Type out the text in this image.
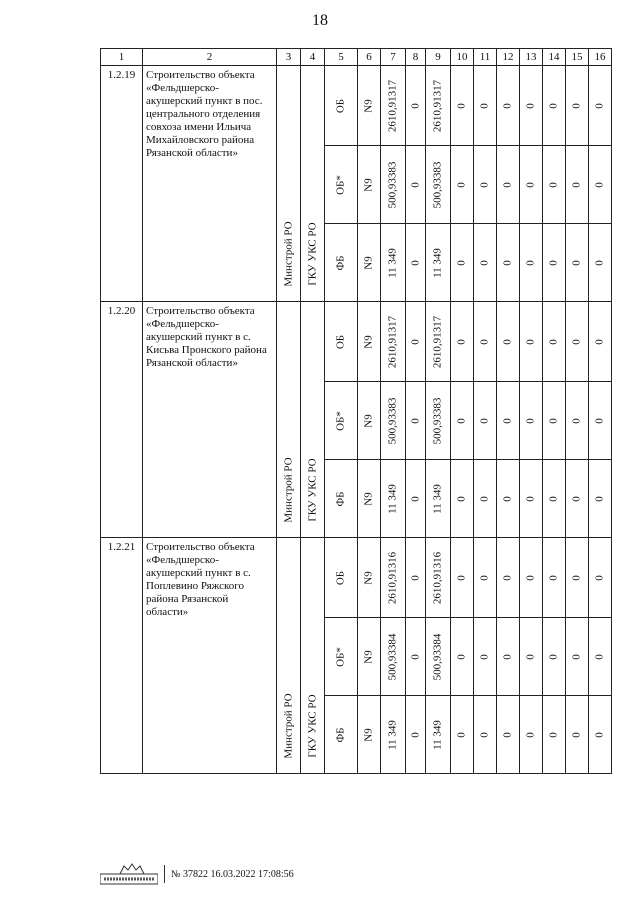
18
1	2	3	4	5	6	7	8	9	10	11	12	13	14	15	16
1.2.19	Строительство объекта «Фельдшерско-акушерский пункт в пос. центрального отделения совхоза имени Ильича Михайловского района Рязанской области»	Минстрой РО	ГКУ УКС РО	ОБ	N9	2610,91317	0	2610,91317	0	0	0	0	0	0	0

				ОБ*	N9	500,93383	0	500,93383	0	0	0	0	0	0	0

				ФБ	N9	11 349	0	11 349	0	0	0	0	0	0	0

1.2.20	Строительство объекта «Фельдшерско-акушерский пункт в с. Кисьва Пронского района Рязанской области»	Минстрой РО	ГКУ УКС РО	ОБ	N9	2610,91317	0	2610,91317	0	0	0	0	0	0	0

				ОБ*	N9	500,93383	0	500,93383	0	0	0	0	0	0	0

				ФБ	N9	11 349	0	11 349	0	0	0	0	0	0	0

1.2.21	Строительство объекта «Фельдшерско-акушерский пункт в с. Поплевино Ряжского района Рязанской области»	Минстрой РО	ГКУ УКС РО	ОБ	N9	2610,91316	0	2610,91316	0	0	0	0	0	0	0

				ОБ*	N9	500,93384	0	500,93384	0	0	0	0	0	0	0

				ФБ	N9	11 349	0	11 349	0	0	0	0	0	0	0
№ 37822 16.03.2022 17:08:56
